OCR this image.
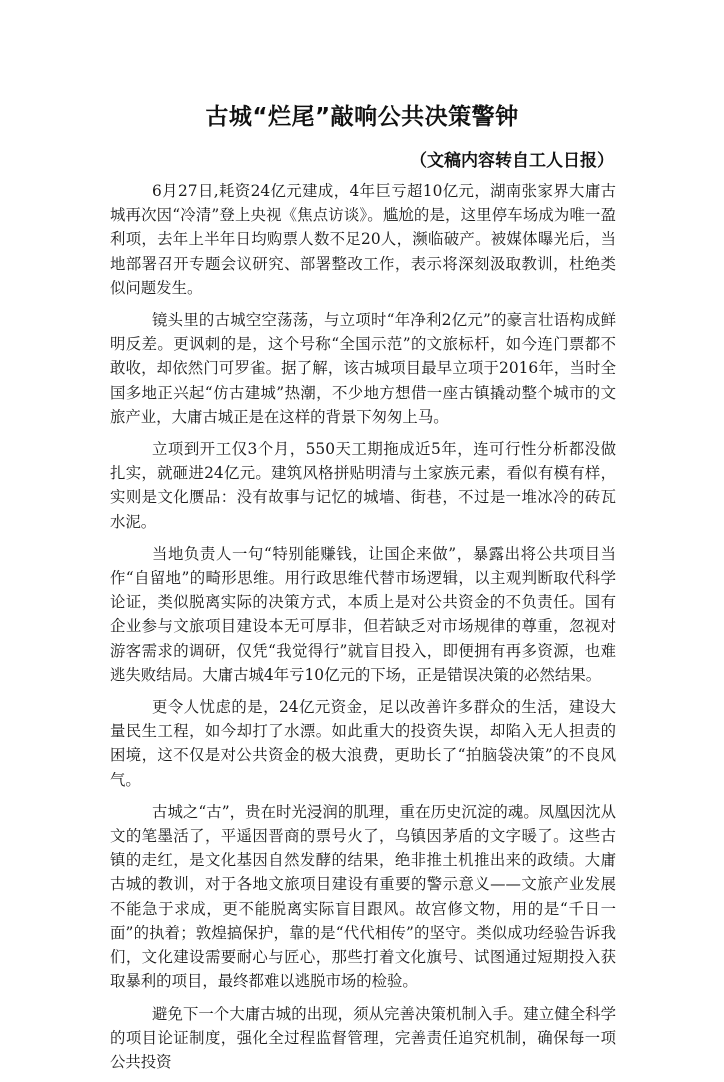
古城“烂尾”敲响公共决策警钟
（文稿内容转自工人日报）

6月27日,耗资24亿元建成，4年巨亏超10亿元，湖南张家界大庸古城再次因“冷清”登上央视《焦点访谈》。尴尬的是，这里停车场成为唯一盈利项，去年上半年日均购票人数不足20人，濒临破产。被媒体曝光后，当地部署召开专题会议研究、部署整改工作，表示将深刻汲取教训，杜绝类似问题发生。

镜头里的古城空空荡荡，与立项时“年净利2亿元”的豪言壮语构成鲜明反差。更讽刺的是，这个号称“全国示范”的文旅标杆，如今连门票都不敢收，却依然门可罗雀。据了解，该古城项目最早立项于2016年，当时全国多地正兴起“仿古建城”热潮，不少地方想借一座古镇撬动整个城市的文旅产业，大庸古城正是在这样的背景下匆匆上马。

立项到开工仅3个月，550天工期拖成近5年，连可行性分析都没做扎实，就砸进24亿元。建筑风格拼贴明清与土家族元素，看似有模有样，实则是文化赝品：没有故事与记忆的城墙、街巷，不过是一堆冰冷的砖瓦水泥。

当地负责人一句“特别能赚钱，让国企来做”，暴露出将公共项目当作“自留地”的畸形思维。用行政思维代替市场逻辑，以主观判断取代科学论证，类似脱离实际的决策方式，本质上是对公共资金的不负责任。国有企业参与文旅项目建设本无可厚非，但若缺乏对市场规律的尊重，忽视对游客需求的调研，仅凭“我觉得行”就盲目投入，即便拥有再多资源，也难逃失败结局。大庸古城4年亏10亿元的下场，正是错误决策的必然结果。

更令人忧虑的是，24亿元资金，足以改善许多群众的生活，建设大量民生工程，如今却打了水漂。如此重大的投资失误，却陷入无人担责的困境，这不仅是对公共资金的极大浪费，更助长了“拍脑袋决策”的不良风气。

古城之“古”，贵在时光浸润的肌理，重在历史沉淀的魂。凤凰因沈从文的笔墨活了，平遥因晋商的票号火了，乌镇因茅盾的文字暖了。这些古镇的走红，是文化基因自然发酵的结果，绝非推土机推出来的政绩。大庸古城的教训，对于各地文旅项目建设有重要的警示意义——文旅产业发展不能急于求成，更不能脱离实际盲目跟风。故宫修文物，用的是“千日一面”的执着；敦煌搞保护，靠的是“代代相传”的坚守。类似成功经验告诉我们，文化建设需要耐心与匠心，那些打着文化旗号、试图通过短期投入获取暴利的项目，最终都难以逃脱市场的检验。

避免下一个大庸古城的出现，须从完善决策机制入手。建立健全科学的项目论证制度，强化全过程监督管理，完善责任追究机制，确保每一项公共投资
